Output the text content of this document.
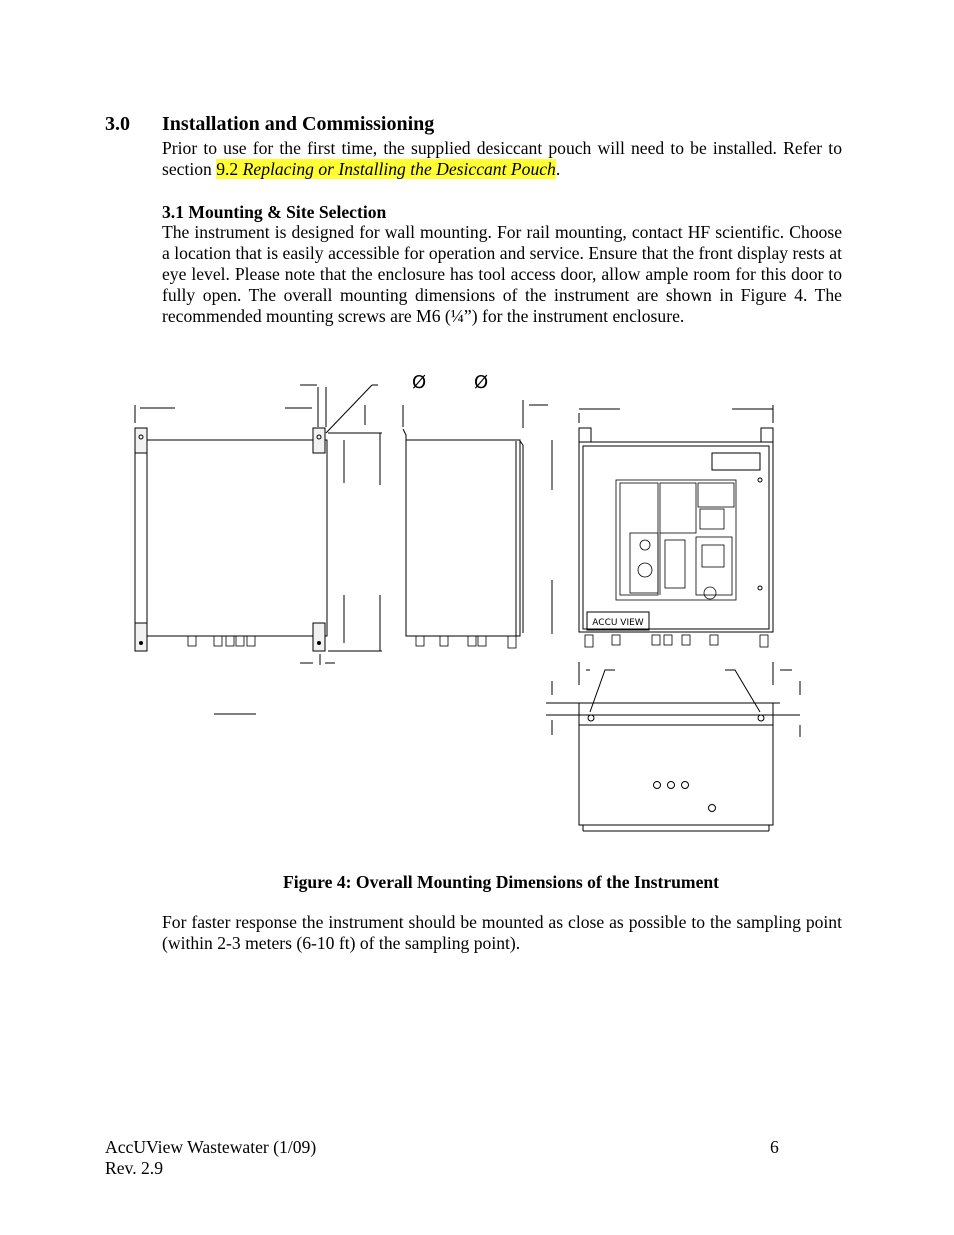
3.0 Installation and Commissioning
Prior to use for the first time, the supplied desiccant pouch will need to be installed. Refer to section 9.2 Replacing or Installing the Desiccant Pouch.
3.1 Mounting & Site Selection
The instrument is designed for wall mounting. For rail mounting, contact HF scientific. Choose a location that is easily accessible for operation and service. Ensure that the front display rests at eye level. Please note that the enclosure has tool access door, allow ample room for this door to fully open. The overall mounting dimensions of the instrument are shown in Figure 4. The recommended mounting screws are M6 (¼”) for the instrument enclosure.
ACCU VIEW
Ø	Ø
Figure 4: Overall Mounting Dimensions of the Instrument
For faster response the instrument should be mounted as close as possible to the sampling point (within 2-3 meters (6-10 ft) of the sampling point).
AccUView Wastewater (1/09)
Rev. 2.9
6
